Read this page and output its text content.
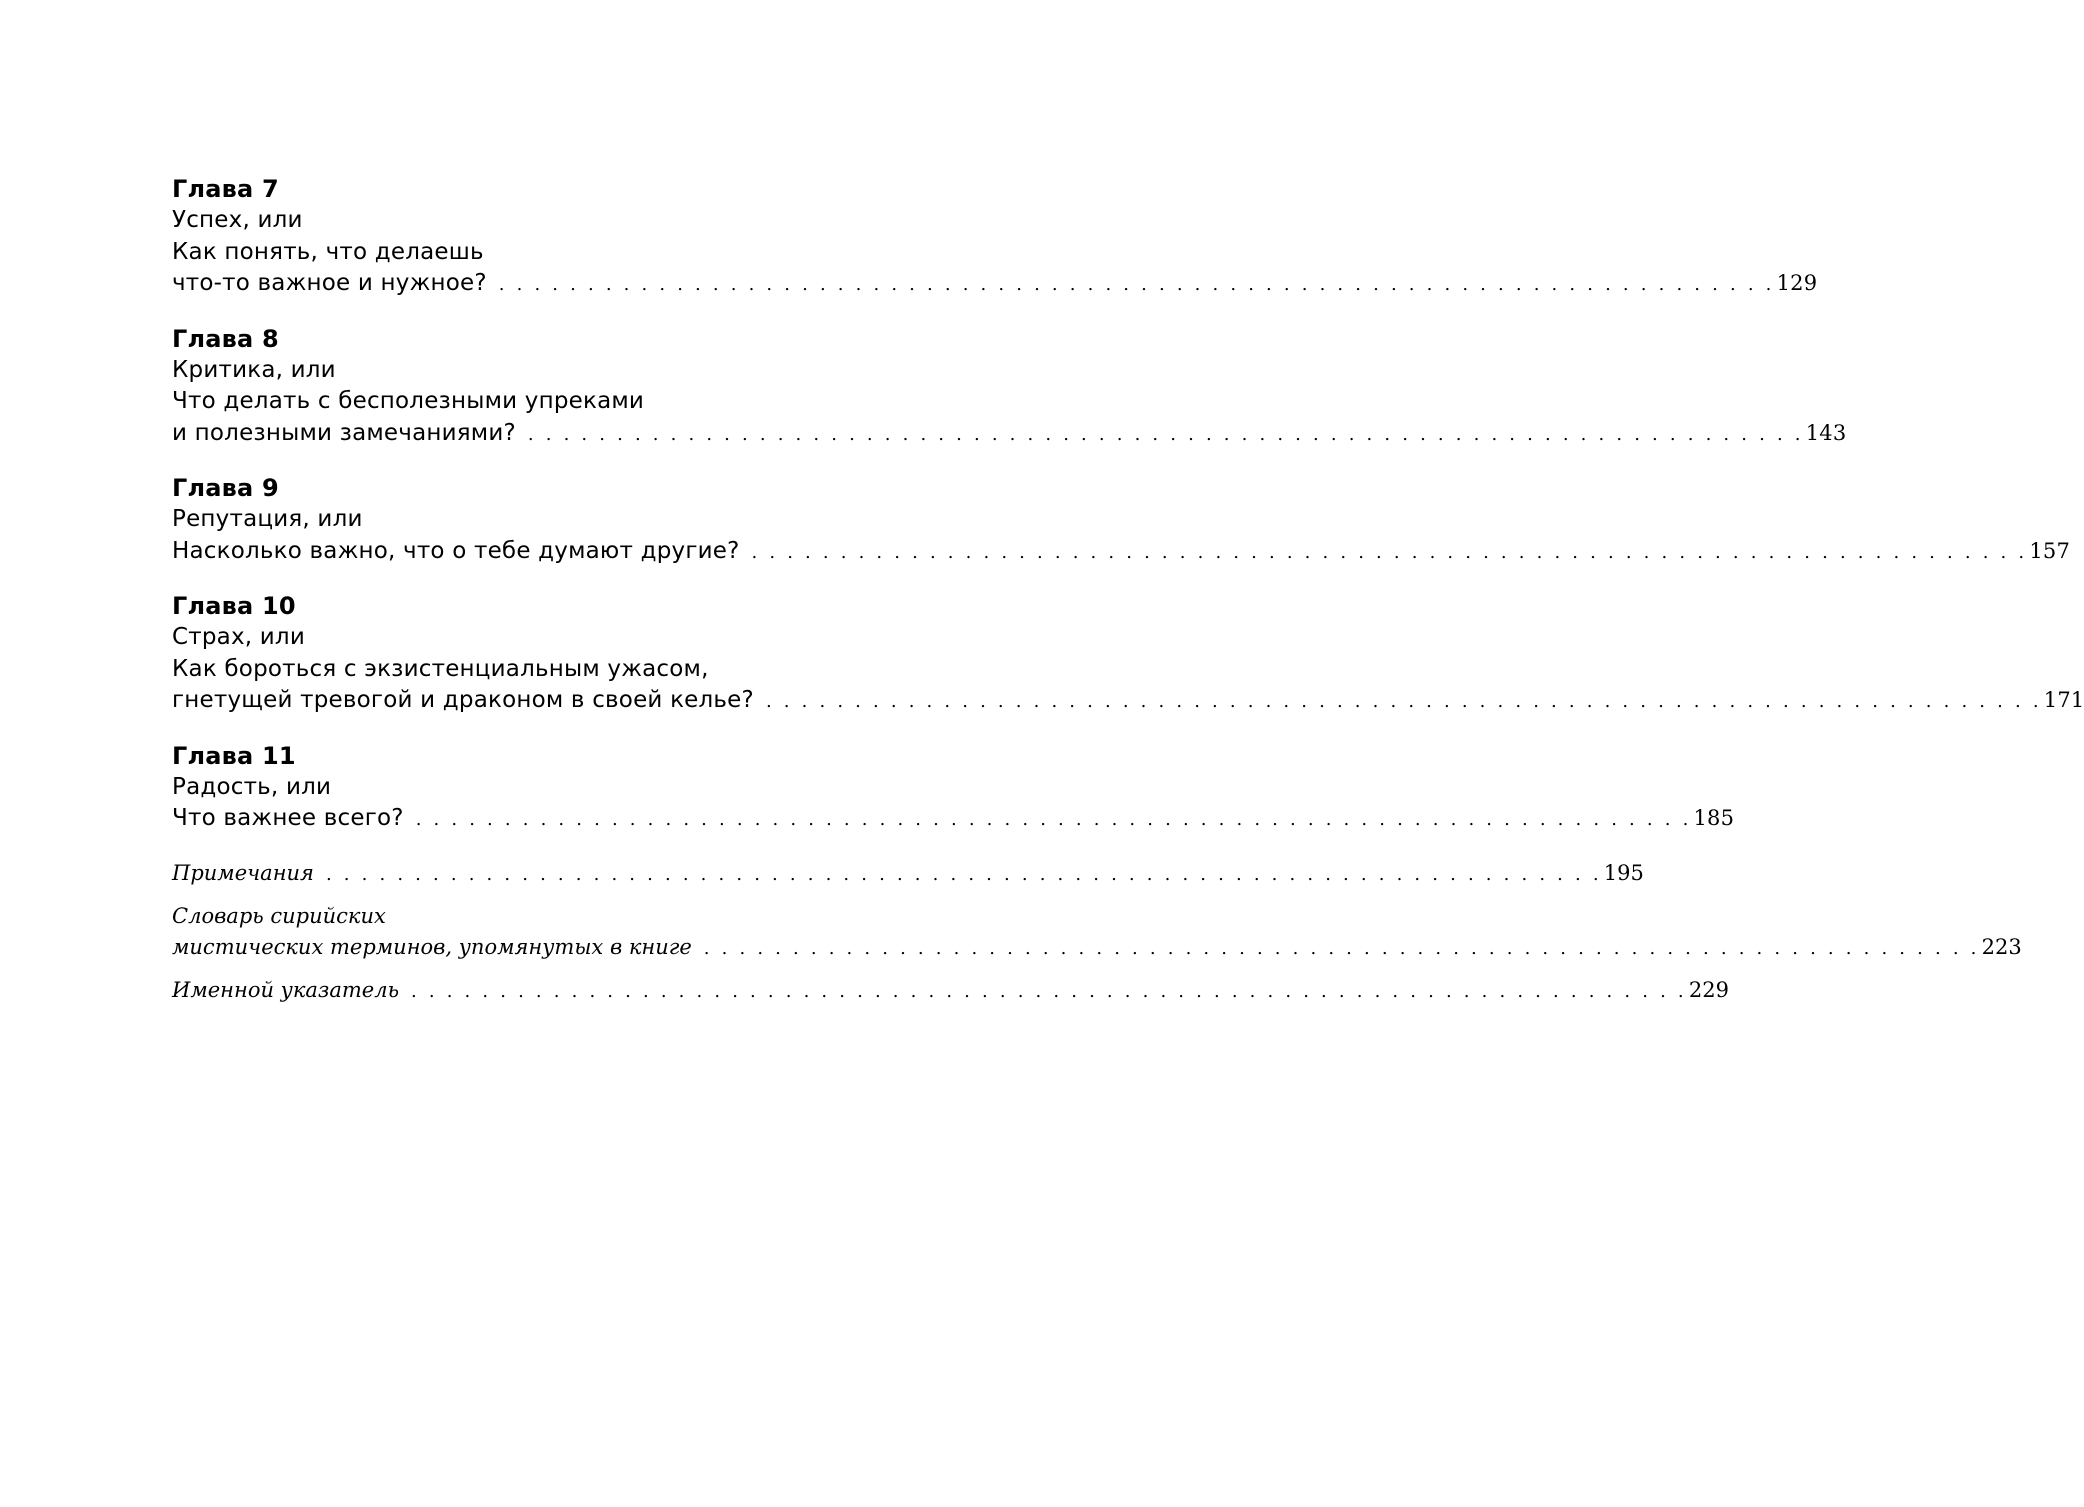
Глава 7
Успех, или
Как понять, что делаешь
что-то важное и нужное? . . . . . . . . . . . . . . . . . . . . . . . . . . . . . . . . . . . . . . . . . . . . . . . . . . . . . . . . . . . . . . . . . . . . . . . . 129
Глава 8
Критика, или
Что делать с бесполезными упреками
и полезными замечаниями? . . . . . . . . . . . . . . . . . . . . . . . . . . . . . . . . . . . . . . . . . . . . . . . . . . . . . . . . . . . . . . . . . . . . . . . . 143
Глава 9
Репутация, или
Насколько важно, что о тебе думают другие? . . . . . . . . . . . . . . . . . . . . . . . . . . . . . . . . . . . . . . . . . . . . . . . . . . . . . . . . . . . . . . . . . . . . . . . . 157
Глава 10
Страх, или
Как бороться с экзистенциальным ужасом,
гнетущей тревогой и драконом в своей келье? . . . . . . . . . . . . . . . . . . . . . . . . . . . . . . . . . . . . . . . . . . . . . . . . . . . . . . . . . . . . . . . . . . . . . . . . 171
Глава 11
Радость, или
Что важнее всего? . . . . . . . . . . . . . . . . . . . . . . . . . . . . . . . . . . . . . . . . . . . . . . . . . . . . . . . . . . . . . . . . . . . . . . . . 185
Примечания . . . . . . . . . . . . . . . . . . . . . . . . . . . . . . . . . . . . . . . . . . . . . . . . . . . . . . . . . . . . . . . . . . . . . . . . 195
Словарь сирийских
мистических терминов, упомянутых в книге . . . . . . . . . . . . . . . . . . . . . . . . . . . . . . . . . . . . . . . . . . . . . . . . . . . . . . . . . . . . . . . . . . . . . . . . 223
Именной указатель . . . . . . . . . . . . . . . . . . . . . . . . . . . . . . . . . . . . . . . . . . . . . . . . . . . . . . . . . . . . . . . . . . . . . . . . 229
